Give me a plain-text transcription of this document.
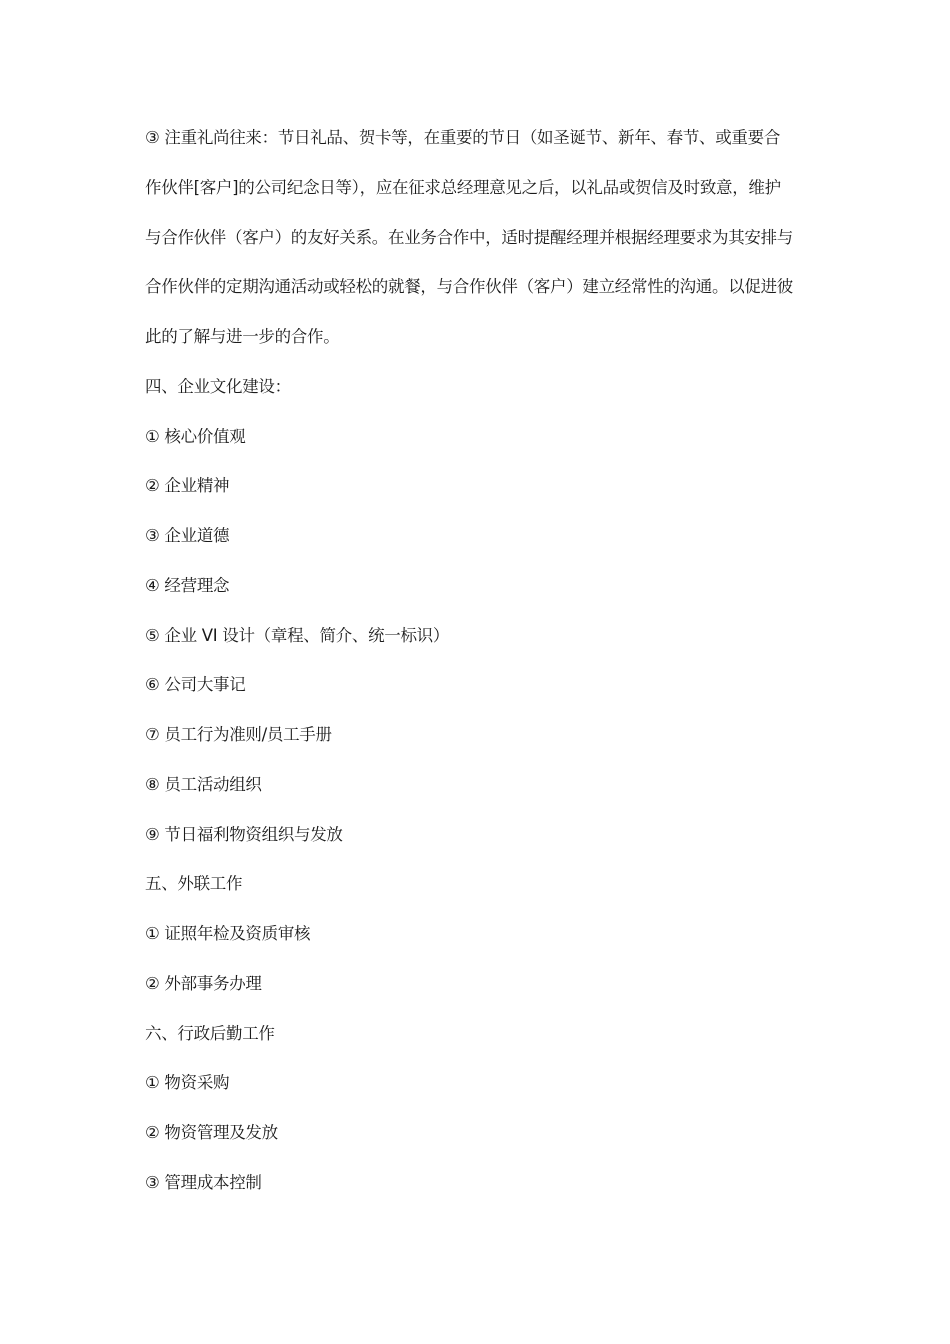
③ 注重礼尚往来：节日礼品、贺卡等，在重要的节日（如圣诞节、新年、春节、或重要合
作伙伴[客户]的公司纪念日等），应在征求总经理意见之后，以礼品或贺信及时致意，维护
与合作伙伴（客户）的友好关系。在业务合作中，适时提醒经理并根据经理要求为其安排与
合作伙伴的定期沟通活动或轻松的就餐，与合作伙伴（客户）建立经常性的沟通。以促进彼
此的了解与进一步的合作。
四、企业文化建设：
① 核心价值观
② 企业精神
③ 企业道德
④ 经营理念
⑤ 企业 VI 设计（章程、简介、统一标识）
⑥ 公司大事记
⑦ 员工行为准则/员工手册
⑧ 员工活动组织
⑨ 节日福利物资组织与发放
五、外联工作
① 证照年检及资质审核
② 外部事务办理
六、行政后勤工作
① 物资采购
② 物资管理及发放
③ 管理成本控制
